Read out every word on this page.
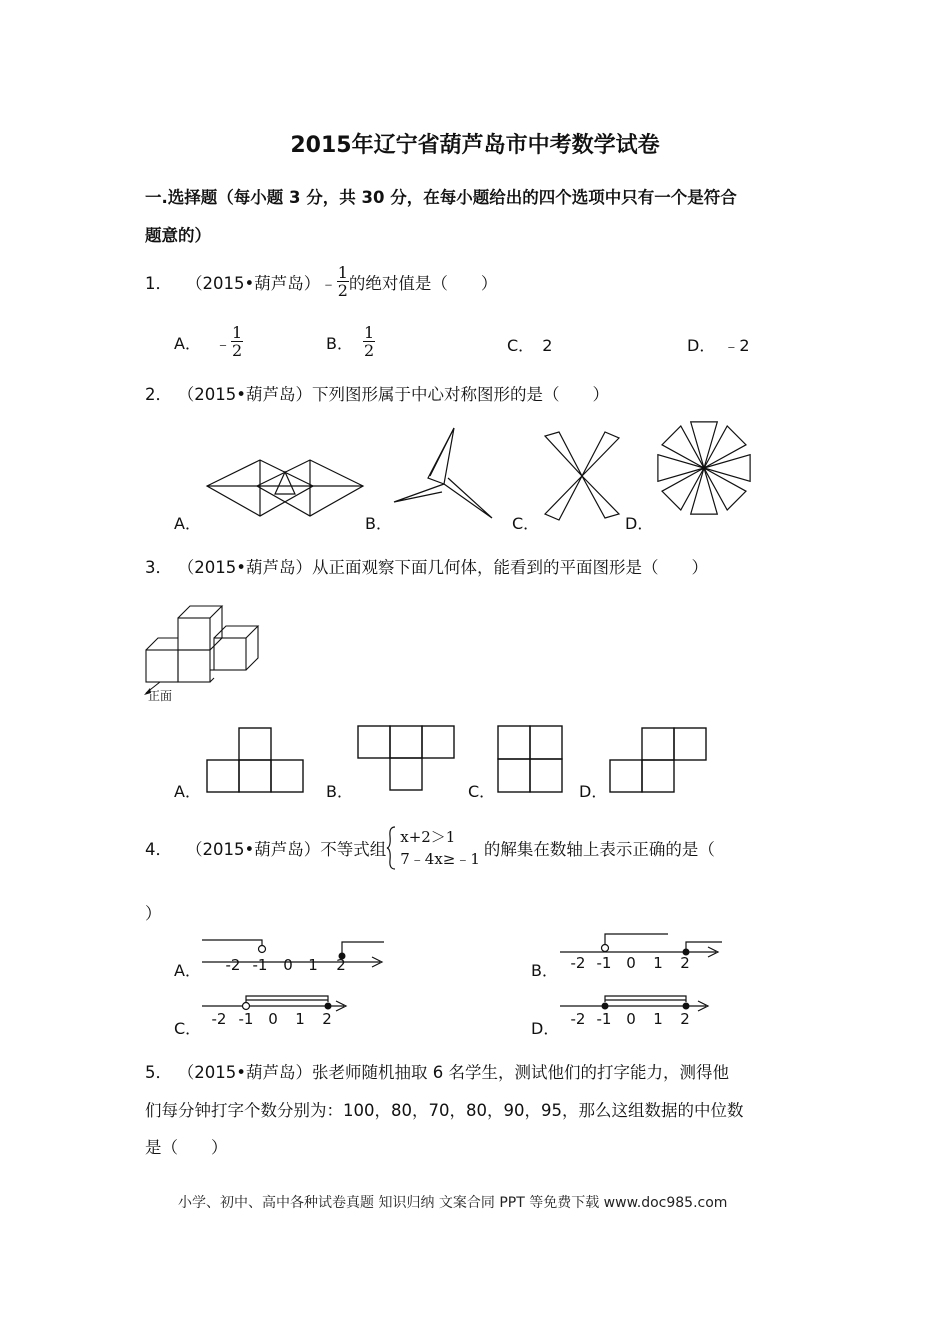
2015年辽宁省葫芦岛市中考数学试卷
一.选择题（每小题 3 分，共 30 分，在每小题给出的四个选项中只有一个是符合
题意的）
1． （2015•葫芦岛） ﹣ $\frac{1}{2}$ 的绝对值是（　　）
A． ﹣ $\frac{1}{2}$	B． $\frac{1}{2}$	C． 2	D． ﹣2
2． （2015•葫芦岛）下列图形属于中心对称图形的是（　　）
A．	B．	C．	D．
3． （2015•葫芦岛）从正面观察下面几何体，能看到的平面图形是（　　）
正面
A．	B．	C．	D．
4． （2015•葫芦岛） 不等式组
x+2＞1
7﹣4x≥﹣1 的解集在数轴上表示正确的是（
）
-2 -1 0 1 2	-2 -1 0 1 2
-2 -1 0 1 2	-2 -1 0 1 2
A．	B．
C．	D．
5． （2015•葫芦岛）张老师随机抽取 6 名学生，测试他们的打字能力，测得他
们每分钟打字个数分别为：100，80，70，80，90，95，那么这组数据的中位数
是（　　）
小学、初中、高中各种试卷真题 知识归纳 文案合同 PPT 等免费下载 www.doc985.com
